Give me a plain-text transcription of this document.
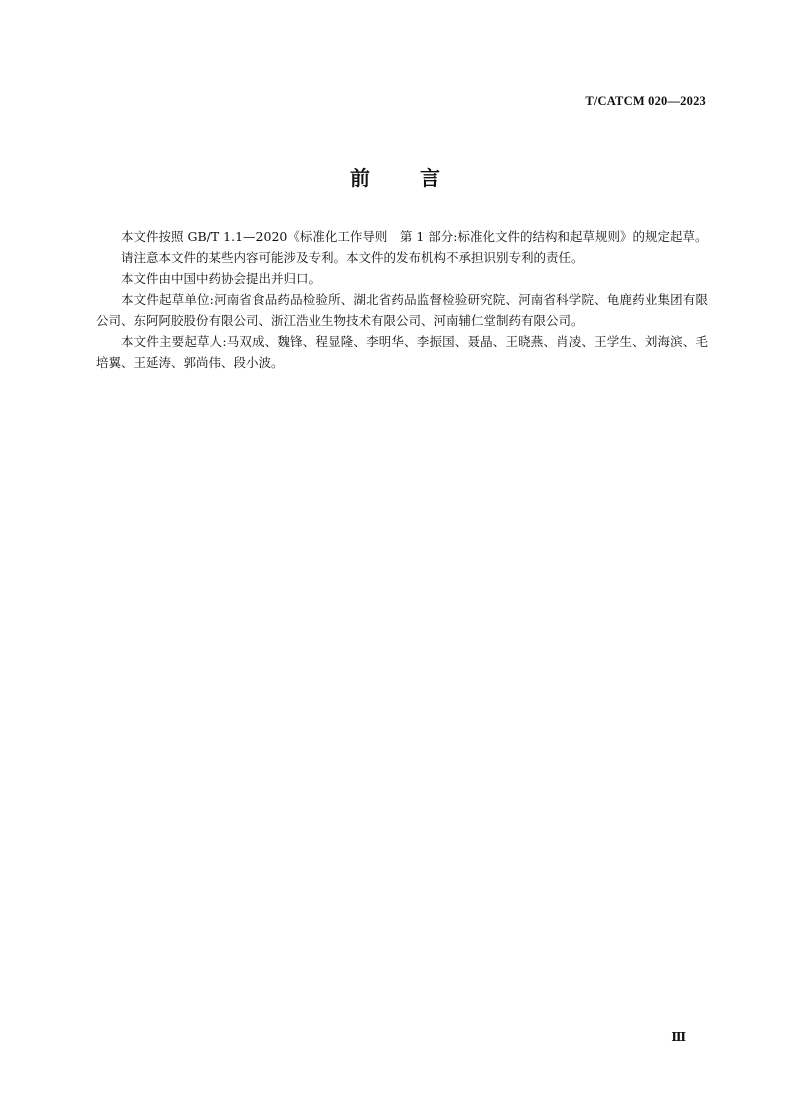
T/CATCM 020—2023
前 言

本文件按照 GB/T 1.1—2020《标准化工作导则　第 1 部分:标准化文件的结构和起草规则》的规定起草。

请注意本文件的某些内容可能涉及专利。本文件的发布机构不承担识别专利的责任。

本文件由中国中药协会提出并归口。

本文件起草单位:河南省食品药品检验所、湖北省药品监督检验研究院、河南省科学院、龟鹿药业集团有限公司、东阿阿胶股份有限公司、浙江浩业生物技术有限公司、河南辅仁堂制药有限公司。

本文件主要起草人:马双成、魏锋、程显隆、李明华、李振国、聂晶、王晓燕、肖凌、王学生、刘海滨、毛培翼、王延涛、郭尚伟、段小波。

Ⅲ
